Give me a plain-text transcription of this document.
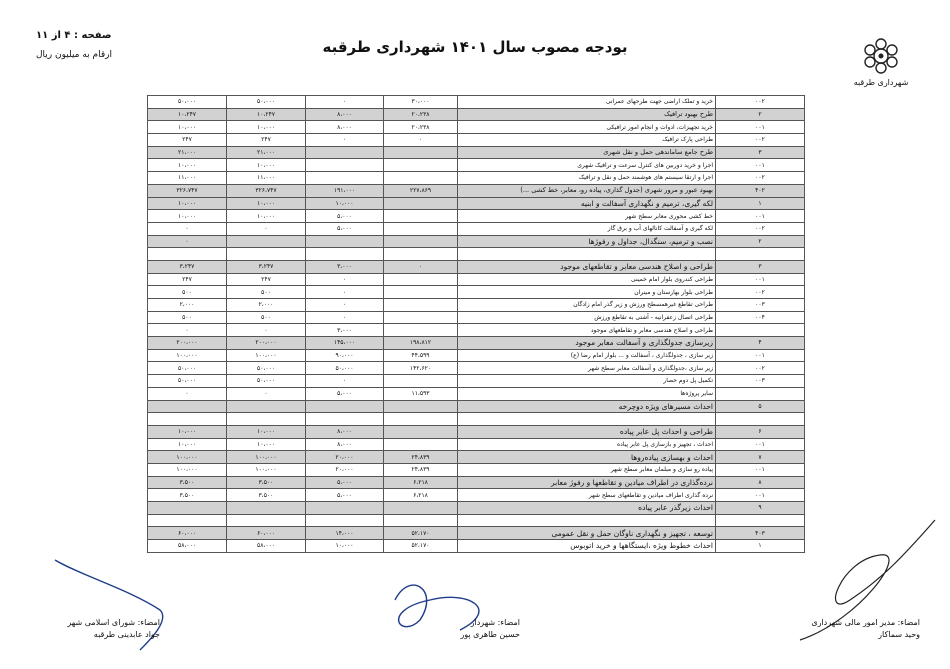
بودجه مصوب سال ۱۴۰۱ شهرداری طرقبه
صفحه : ۴ از ۱۱
ارقام به میلیون ریال
شهرداری طرقبه
۵۰،۰۰۰	۵۰،۰۰۰	۰	۳۰،۰۰۰	خرید و تملک اراضی جهت طرحهای عمرانی	۰۰۲
۱۰،۲۴۷	۱۰،۲۴۷	۸،۰۰۰	۲۰،۲۳۸	طرح بهبود ترافیک	۲
۱۰،۰۰۰	۱۰،۰۰۰	۸،۰۰۰	۲۰،۲۳۸	خرید تجهیزات، ادوات و انجام امور ترافیکی	۰۰۱
۲۴۷	۲۴۷	۰	۰	طراحی پارک ترافیک	۰۰۲
۲۱،۰۰۰	۲۱،۰۰۰			طرح جامع ساماندهی حمل و نقل شهری	۳
۱۰،۰۰۰	۱۰،۰۰۰			اجرا و خرید دوربین های کنترل سرعت و ترافیک شهری	۰۰۱
۱۱،۰۰۰	۱۱،۰۰۰			اجرا و ارتقا سیستم های هوشمند حمل و نقل و ترافیک	۰۰۲
۳۲۶،۷۴۷	۳۲۶،۷۴۷	۱۹۱،۰۰۰	۲۲۷،۸۶۹	بهبود عبور و مرور شهری (جدول گذاری، پیاده رو، معابر، خط کشی ...)	۴۰۲
۱۰،۰۰۰	۱۰،۰۰۰	۱۰،۰۰۰		لکه گیری، ترمیم و نگهداری آسفالت و ابنیه	۱
۱۰،۰۰۰	۱۰،۰۰۰	۵،۰۰۰		خط کشی محوری معابر سطح شهر	۰۰۱
۰	۰	۵،۰۰۰		لکه گیری و آسفالت کانالهای آب و برق گاز	۰۰۲
۰				نصب و ترمیم، سنگدال، جداول و رفوژها	۲

۳،۲۴۷	۳،۲۴۷	۳،۰۰۰	۰	طراحی و اصلاح هندسی معابر و تقاطعهای موجود	۳
۲۴۷	۲۴۷	۰		طراحی کندروی بلوار امام خمینی	۰۰۱
۵۰۰	۵۰۰	۰		طراحی بلوار بهارستان و مینران	۰۰۲
۲،۰۰۰	۲،۰۰۰	۰		طراحی تقاطع غیرهمسطح ورزش و زیر گذر امام زادگان	۰۰۳
۵۰۰	۵۰۰	۰		طراحی اتصال زعفرانیه - آشتی به تقاطع ورزش	۰۰۴
۰	۰	۳،۰۰۰		طراحی و اصلاح هندسی معابر و تقاطعهای موجود	
۲۰۰،۰۰۰	۲۰۰،۰۰۰	۱۴۵،۰۰۰	۱۹۸،۸۱۲	زیرسازی جدولگذاری و آسفالت معابر موجود	۴
۱۰۰،۰۰۰	۱۰۰،۰۰۰	۹۰،۰۰۰	۴۴،۵۹۹	زیر سازی ، جدولگذاری ، آسفالت و ... بلوار امام رضا (ع)	۰۰۱
۵۰،۰۰۰	۵۰،۰۰۰	۵۰،۰۰۰	۱۴۲،۶۲۰	زیر سازی ،جدولگذاری و آسفالت معابر سطح شهر	۰۰۲
۵۰،۰۰۰	۵۰،۰۰۰	۰		تکمیل پل دوم حصار	۰۰۳
۰	۰	۵،۰۰۰	۱۱،۵۹۳	سایر پروژه‌ها	
				احداث مسیرهای ویژه دوچرخه	۵

۱۰،۰۰۰	۱۰،۰۰۰	۸،۰۰۰		طراحی و احداث پل عابر پیاده	۶
۱۰،۰۰۰	۱۰،۰۰۰	۸،۰۰۰		احداث ، تجهیز و بازسازی پل عابر پیاده	۰۰۱
۱۰۰،۰۰۰	۱۰۰،۰۰۰	۲۰،۰۰۰	۲۴،۸۳۹	احداث و بهسازی پیاده‌روها	۷
۱۰۰،۰۰۰	۱۰۰،۰۰۰	۲۰،۰۰۰	۲۴،۸۳۹	پیاده رو سازی و مبلمان معابر سطح شهر	۰۰۱
۳،۵۰۰	۳،۵۰۰	۵،۰۰۰	۶،۲۱۸	نرده‌گذاری در اطراف میادین و تقاطعها و رفوژ معابر	۸
۳،۵۰۰	۳،۵۰۰	۵،۰۰۰	۶،۲۱۸	نرده گذاری اطراف میادین و تقاطعهای سطح شهر	۰۰۱
				احداث زیرگذر عابر پیاده	۹

۶۰،۰۰۰	۶۰،۰۰۰	۱۴،۰۰۰	۵۲،۱۷۰	توسعه ، تجهیز و نگهداری ناوگان حمل و نقل عمومی	۴۰۳
۵۸،۰۰۰	۵۸،۰۰۰	۱۰،۰۰۰	۵۲،۱۷۰	احداث خطوط ویژه ،ایستگاهها و خرید اتوبوس	۱
امضاء: شورای اسلامی شهر
جواد عابدینی طرقبه
امضاء: شهردار
حسین طاهری پور
امضاء: مدیر امور مالی شهرداری
وحید سماکار
